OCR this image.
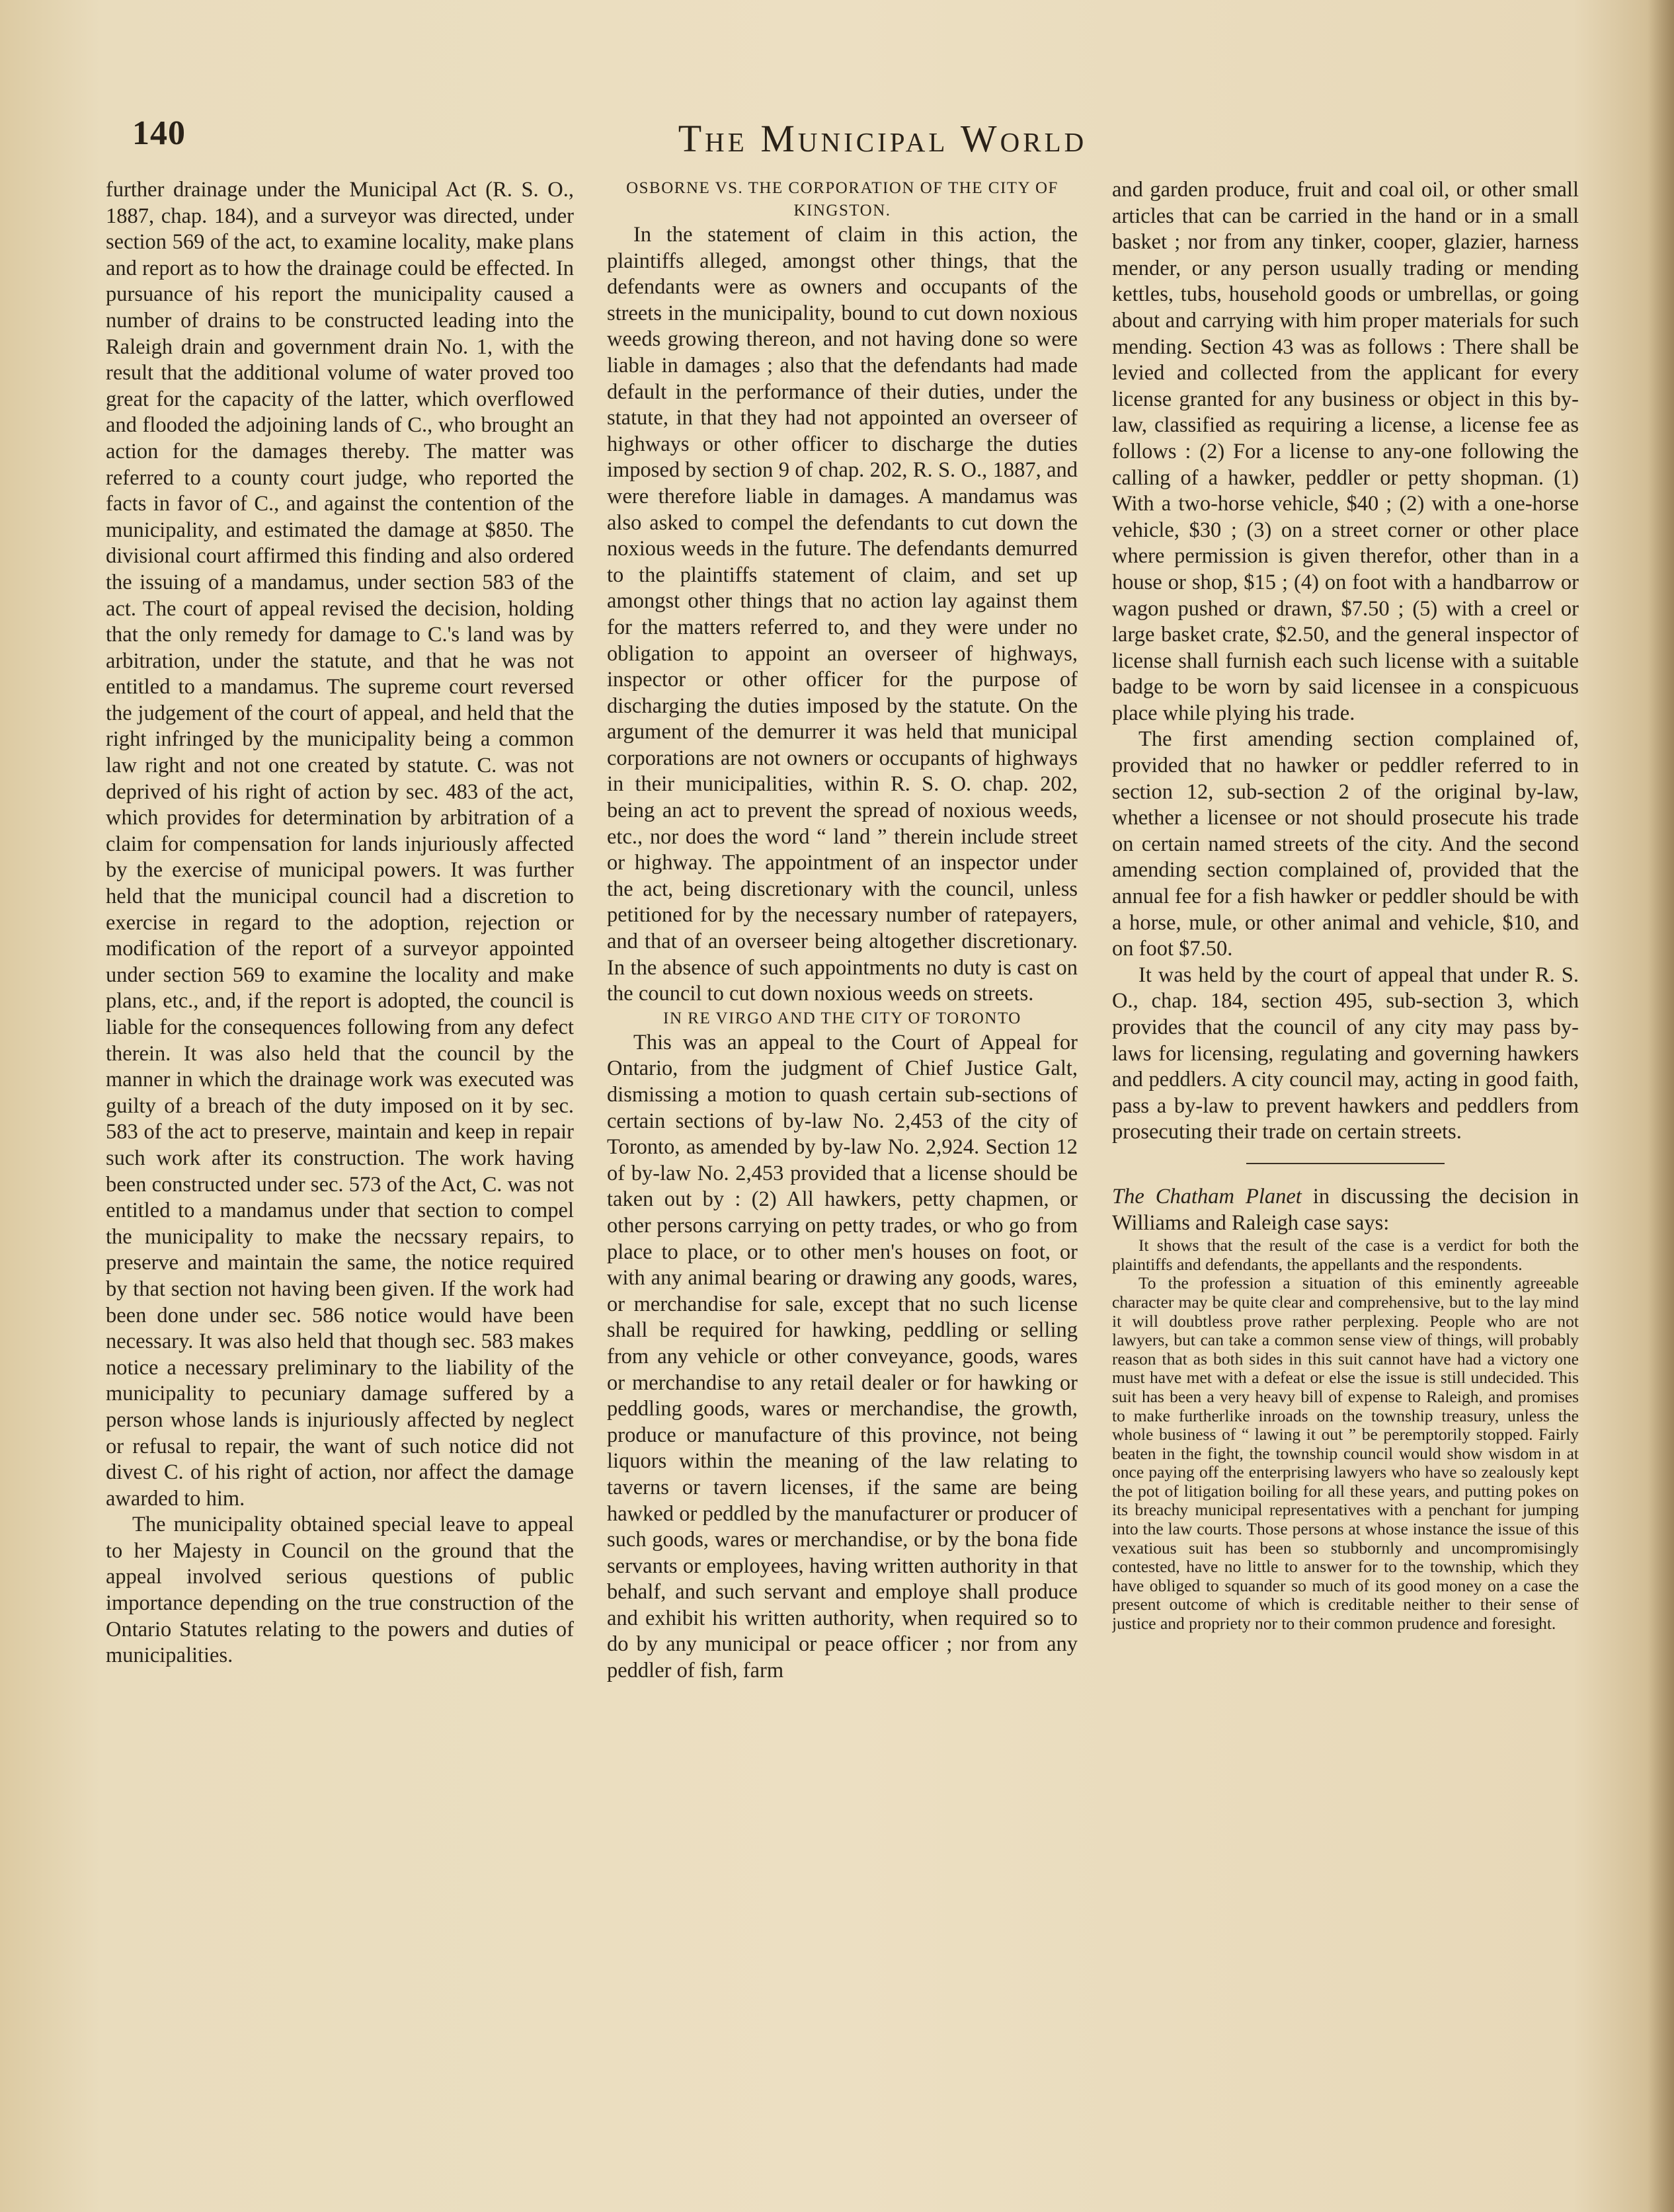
140	The Municipal World

further drainage under the Municipal Act (R. S. O., 1887, chap. 184), and a surveyor was directed, under section 569 of the act, to examine locality, make plans and report as to how the drainage could be effected. In pursuance of his report the municipality caused a number of drains to be constructed leading into the Raleigh drain and government drain No. 1, with the result that the additional volume of water proved too great for the capacity of the latter, which overflowed and flooded the adjoining lands of C., who brought an action for the damages thereby. The matter was referred to a county court judge, who reported the facts in favor of C., and against the contention of the municipality, and estimated the damage at $850. The divisional court affirmed this finding and also ordered the issuing of a mandamus, under section 583 of the act. The court of appeal revised the decision, holding that the only remedy for damage to C.'s land was by arbitration, under the statute, and that he was not entitled to a mandamus. The supreme court reversed the judgement of the court of appeal, and held that the right infringed by the municipality being a common law right and not one created by statute. C. was not deprived of his right of action by sec. 483 of the act, which provides for determination by arbitration of a claim for compensation for lands injuriously affected by the exercise of municipal powers. It was further held that the municipal council had a discretion to exercise in regard to the adoption, rejection or modification of the report of a surveyor appointed under section 569 to examine the locality and make plans, etc., and, if the report is adopted, the council is liable for the consequences following from any defect therein. It was also held that the council by the manner in which the drainage work was executed was guilty of a breach of the duty imposed on it by sec. 583 of the act to preserve, maintain and keep in repair such work after its construction. The work having been constructed under sec. 573 of the Act, C. was not entitled to a mandamus under that section to compel the municipality to make the necssary repairs, to preserve and maintain the same, the notice required by that section not having been given. If the work had been done under sec. 586 notice would have been necessary. It was also held that though sec. 583 makes notice a necessary preliminary to the liability of the municipality to pecuniary damage suffered by a person whose lands is injuriously affected by neglect or refusal to repair, the want of such notice did not divest C. of his right of action, nor affect the damage awarded to him.

The municipality obtained special leave to appeal to her Majesty in Council on the ground that the appeal involved serious questions of public importance depending on the true construction of the Ontario Statutes relating to the powers and duties of municipalities.

OSBORNE VS. THE CORPORATION OF THE CITY OF KINGSTON.

In the statement of claim in this action, the plaintiffs alleged, amongst other things, that the defendants were as owners and occupants of the streets in the municipality, bound to cut down noxious weeds growing thereon, and not having done so were liable in damages ; also that the defendants had made default in the performance of their duties, under the statute, in that they had not appointed an overseer of highways or other officer to discharge the duties imposed by section 9 of chap. 202, R. S. O., 1887, and were therefore liable in damages. A mandamus was also asked to compel the defendants to cut down the noxious weeds in the future. The defendants demurred to the plaintiffs statement of claim, and set up amongst other things that no action lay against them for the matters referred to, and they were under no obligation to appoint an overseer of highways, inspector or other officer for the purpose of discharging the duties imposed by the statute. On the argument of the demurrer it was held that municipal corporations are not owners or occupants of highways in their municipalities, within R. S. O. chap. 202, being an act to prevent the spread of noxious weeds, etc., nor does the word “ land ” therein include street or highway. The appointment of an inspector under the act, being discretionary with the council, unless petitioned for by the necessary number of ratepayers, and that of an overseer being altogether discretionary. In the absence of such appointments no duty is cast on the council to cut down noxious weeds on streets.

IN RE VIRGO AND THE CITY OF TORONTO

This was an appeal to the Court of Appeal for Ontario, from the judgment of Chief Justice Galt, dismissing a motion to quash certain sub-sections of certain sections of by-law No. 2,453 of the city of Toronto, as amended by by-law No. 2,924. Section 12 of by-law No. 2,453 provided that a license should be taken out by : (2) All hawkers, petty chapmen, or other persons carrying on petty trades, or who go from place to place, or to other men's houses on foot, or with any animal bearing or drawing any goods, wares, or merchandise for sale, except that no such license shall be required for hawking, peddling or selling from any vehicle or other conveyance, goods, wares or merchandise to any retail dealer or for hawking or peddling goods, wares or merchandise, the growth, produce or manufacture of this province, not being liquors within the meaning of the law relating to taverns or tavern licenses, if the same are being hawked or peddled by the manufacturer or producer of such goods, wares or merchandise, or by the bona fide servants or employees, having written authority in that behalf, and such servant and employe shall produce and exhibit his written authority, when required so to do by any municipal or peace officer ; nor from any peddler of fish, farm

and garden produce, fruit and coal oil, or other small articles that can be carried in the hand or in a small basket ; nor from any tinker, cooper, glazier, harness mender, or any person usually trading or mending kettles, tubs, household goods or umbrellas, or going about and carrying with him proper materials for such mending. Section 43 was as follows : There shall be levied and collected from the applicant for every license granted for any business or object in this by-law, classified as requiring a license, a license fee as follows : (2) For a license to any-one following the calling of a hawker, peddler or petty shopman. (1) With a two-horse vehicle, $40 ; (2) with a one-horse vehicle, $30 ; (3) on a street corner or other place where permission is given therefor, other than in a house or shop, $15 ; (4) on foot with a handbarrow or wagon pushed or drawn, $7.50 ; (5) with a creel or large basket crate, $2.50, and the general inspector of license shall furnish each such license with a suitable badge to be worn by said licensee in a conspicuous place while plying his trade.

The first amending section complained of, provided that no hawker or peddler referred to in section 12, sub-section 2 of the original by-law, whether a licensee or not should prosecute his trade on certain named streets of the city. And the second amending section complained of, provided that the annual fee for a fish hawker or peddler should be with a horse, mule, or other animal and vehicle, $10, and on foot $7.50.

It was held by the court of appeal that under R. S. O., chap. 184, section 495, sub-section 3, which provides that the council of any city may pass by-laws for licensing, regulating and governing hawkers and peddlers. A city council may, acting in good faith, pass a by-law to prevent hawkers and peddlers from prosecuting their trade on certain streets.

The Chatham Planet in discussing the decision in Williams and Raleigh case says:

It shows that the result of the case is a verdict for both the plaintiffs and defendants, the appellants and the respondents.

To the profession a situation of this eminently agreeable character may be quite clear and comprehensive, but to the lay mind it will doubtless prove rather perplexing. People who are not lawyers, but can take a common sense view of things, will probably reason that as both sides in this suit cannot have had a victory one must have met with a defeat or else the issue is still undecided. This suit has been a very heavy bill of expense to Raleigh, and promises to make furtherlike inroads on the township treasury, unless the whole business of “ lawing it out ” be peremptorily stopped. Fairly beaten in the fight, the township council would show wisdom in at once paying off the enterprising lawyers who have so zealously kept the pot of litigation boiling for all these years, and putting pokes on its breachy municipal representatives with a penchant for jumping into the law courts. Those persons at whose instance the issue of this vexatious suit has been so stubbornly and uncompromisingly contested, have no little to answer for to the township, which they have obliged to squander so much of its good money on a case the present outcome of which is creditable neither to their sense of justice and propriety nor to their common prudence and foresight.
